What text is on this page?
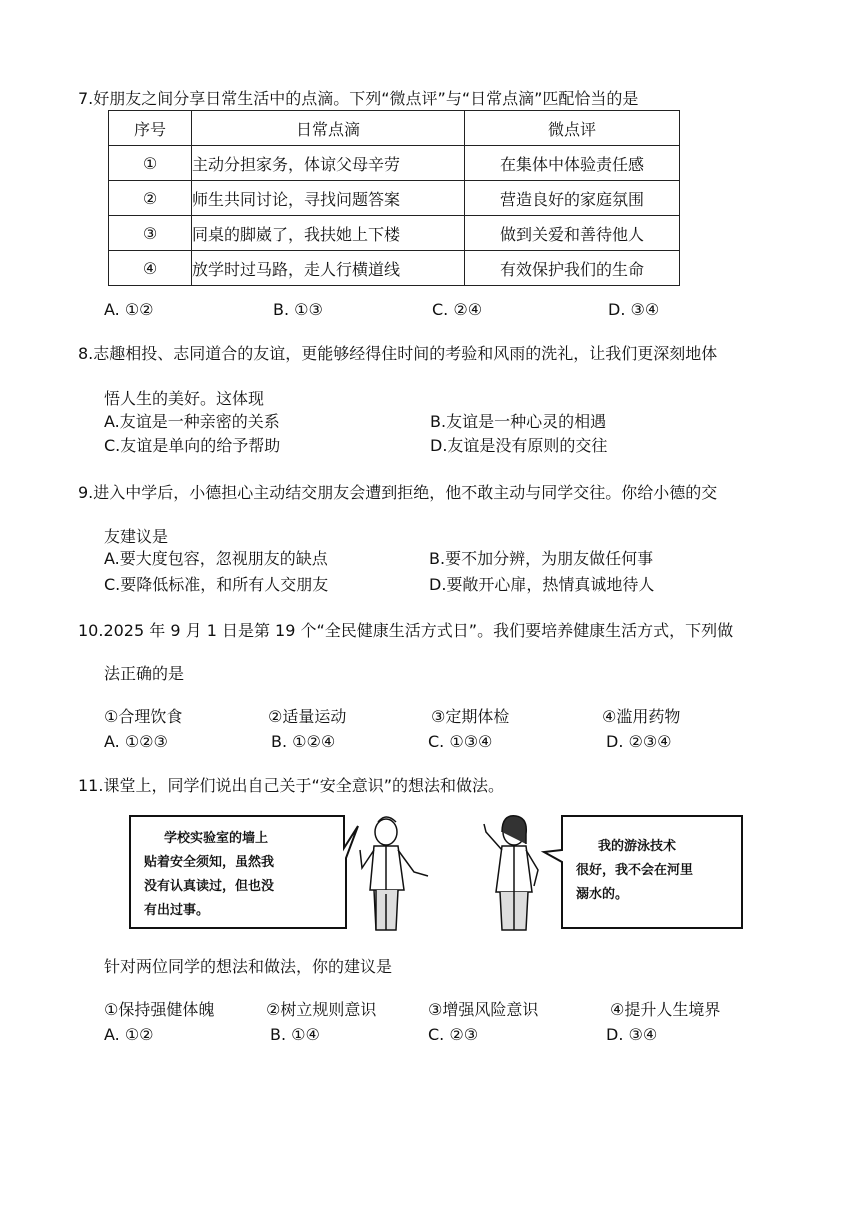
7.好朋友之间分享日常生活中的点滴。下列“微点评”与“日常点滴”匹配恰当的是
序号	日常点滴	微点评
①	主动分担家务，体谅父母辛劳	在集体中体验责任感
②	师生共同讨论，寻找问题答案	营造良好的家庭氛围
③	同桌的脚崴了，我扶她上下楼	做到关爱和善待他人
④	放学时过马路，走人行横道线	有效保护我们的生命
A. ①②	B. ①③	C. ②④	D. ③④
8.志趣相投、志同道合的友谊，更能够经得住时间的考验和风雨的洗礼，让我们更深刻地体
悟人生的美好。这体现
A.友谊是一种亲密的关系	B.友谊是一种心灵的相遇
C.友谊是单向的给予帮助	D.友谊是没有原则的交往
9.进入中学后，小德担心主动结交朋友会遭到拒绝，他不敢主动与同学交往。你给小德的交
友建议是
A.要大度包容，忽视朋友的缺点	B.要不加分辨，为朋友做任何事
C.要降低标准，和所有人交朋友	D.要敞开心扉，热情真诚地待人
10.2025 年 9 月 1 日是第 19 个“全民健康生活方式日”。我们要培养健康生活方式，下列做
法正确的是
①合理饮食	②适量运动	③定期体检	④滥用药物
A. ①②③	B. ①②④	C. ①③④	D. ②③④
11.课堂上，同学们说出自己关于“安全意识”的想法和做法。
学校实验室的墙上
贴着安全须知，虽然我
没有认真读过，但也没
有出过事。
我的游泳技术
很好，我不会在河里
溺水的。
针对两位同学的想法和做法，你的建议是
①保持强健体魄	②树立规则意识	③增强风险意识	④提升人生境界
A. ①②	B. ①④	C. ②③	D. ③④
